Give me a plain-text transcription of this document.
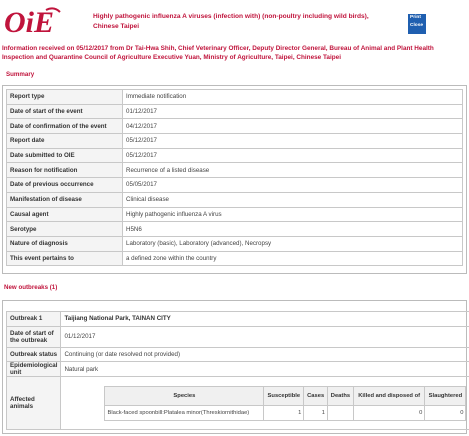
OiE	Highly pathogenic influenza A viruses (infection with) (non-poultry including wild birds), Chinese Taipei
Print
Close
Information received on 05/12/2017 from Dr Tai-Hwa Shih, Chief Veterinary Officer, Deputy Director General, Bureau of Animal and Plant Health Inspection and Quarantine Council of Agriculture Executive Yuan, Ministry of Agriculture, Taipei, Chinese Taipei
Summary
Report type	Immediate notification
Date of start of the event	01/12/2017
Date of confirmation of the event	04/12/2017
Report date	05/12/2017
Date submitted to OIE	05/12/2017
Reason for notification	Recurrence of a listed disease
Date of previous occurrence	05/05/2017
Manifestation of disease	Clinical disease
Causal agent	Highly pathogenic influenza A virus
Serotype	H5N6
Nature of diagnosis	Laboratory (basic), Laboratory (advanced), Necropsy
This event pertains to	a defined zone within the country
New outbreaks (1)
Outbreak 1	Taijiang National Park, TAINAN CITY
Date of start of the outbreak	01/12/2017
Outbreak status	Continuing (or date resolved not provided)
Epidemiological unit	Natural park
Affected animals	
Species	Susceptible	Cases	Deaths	Killed and disposed of	Slaughtered
Black-faced spoonbill:Platalea minor(Threskiornithidae)	1	1		0	0
